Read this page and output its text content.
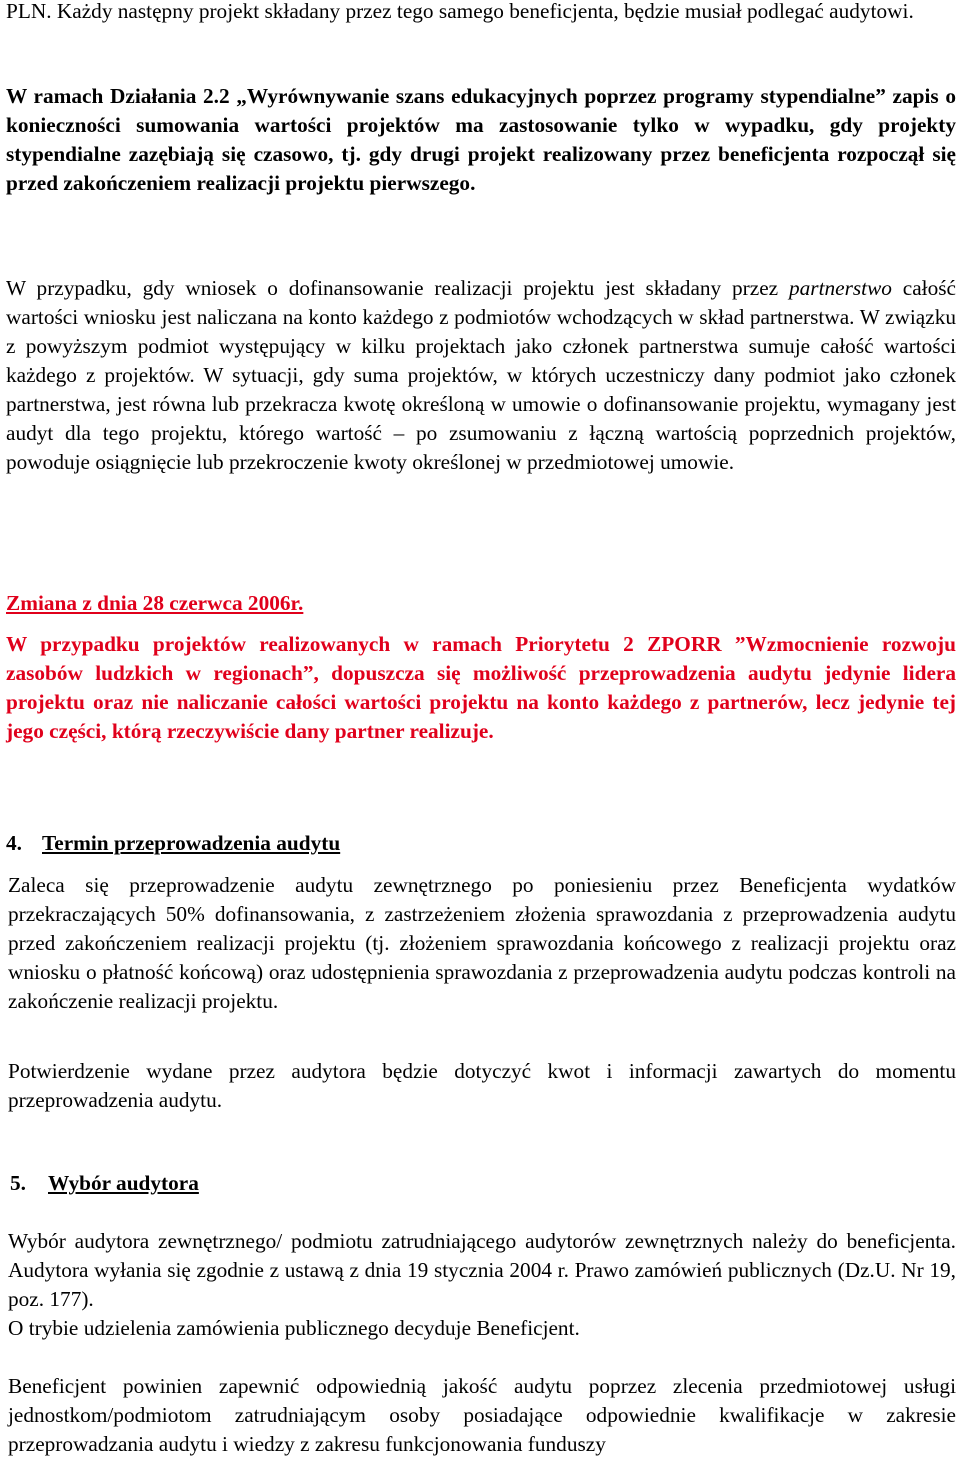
PLN. Każdy następny projekt składany przez tego samego beneficjenta, będzie musiał podlegać audytowi.

W ramach Działania 2.2 „Wyrównywanie szans edukacyjnych poprzez programy stypendialne” zapis o konieczności sumowania wartości projektów ma zastosowanie tylko w wypadku, gdy projekty stypendialne zazębiają się czasowo, tj. gdy drugi projekt realizowany przez beneficjenta rozpoczął się przed zakończeniem realizacji projektu pierwszego.

W przypadku, gdy wniosek o dofinansowanie realizacji projektu jest składany przez partnerstwo całość wartości wniosku jest naliczana na konto każdego z podmiotów wchodzących w skład partnerstwa. W związku z powyższym podmiot występujący w kilku projektach jako członek partnerstwa sumuje całość wartości każdego z projektów. W sytuacji, gdy suma projektów, w których uczestniczy dany podmiot jako członek partnerstwa, jest równa lub przekracza kwotę określoną w umowie o dofinansowanie projektu, wymagany jest audyt dla tego projektu, którego wartość – po zsumowaniu z łączną wartością poprzednich projektów, powoduje osiągnięcie lub przekroczenie kwoty określonej w przedmiotowej umowie.

Zmiana z dnia 28 czerwca 2006r.

W przypadku projektów realizowanych w ramach Priorytetu 2 ZPORR ”Wzmocnienie rozwoju zasobów ludzkich w regionach”, dopuszcza się możliwość przeprowadzenia audytu jedynie lidera projektu oraz nie naliczanie całości wartości projektu na konto każdego z partnerów, lecz jedynie tej jego części, którą rzeczywiście dany partner realizuje.

4. Termin przeprowadzenia audytu

Zaleca się przeprowadzenie audytu zewnętrznego po poniesieniu przez Beneficjenta wydatków przekraczających 50% dofinansowania, z zastrzeżeniem złożenia sprawozdania z przeprowadzenia audytu przed zakończeniem realizacji projektu (tj. złożeniem sprawozdania końcowego z realizacji projektu oraz wniosku o płatność końcową) oraz udostępnienia sprawozdania z przeprowadzenia audytu podczas kontroli na zakończenie realizacji projektu.

Potwierdzenie wydane przez audytora będzie dotyczyć kwot i informacji zawartych do momentu przeprowadzenia audytu.

5. Wybór audytora

Wybór audytora zewnętrznego/ podmiotu zatrudniającego audytorów zewnętrznych należy do beneficjenta. Audytora wyłania się zgodnie z ustawą z dnia 19 stycznia 2004 r. Prawo zamówień publicznych (Dz.U. Nr 19, poz. 177).

O trybie udzielenia zamówienia publicznego decyduje Beneficjent.

Beneficjent powinien zapewnić odpowiednią jakość audytu poprzez zlecenia przedmiotowej usługi jednostkom/podmiotom zatrudniającym osoby posiadające odpowiednie kwalifikacje w zakresie przeprowadzania audytu i wiedzy z zakresu funkcjonowania funduszy
